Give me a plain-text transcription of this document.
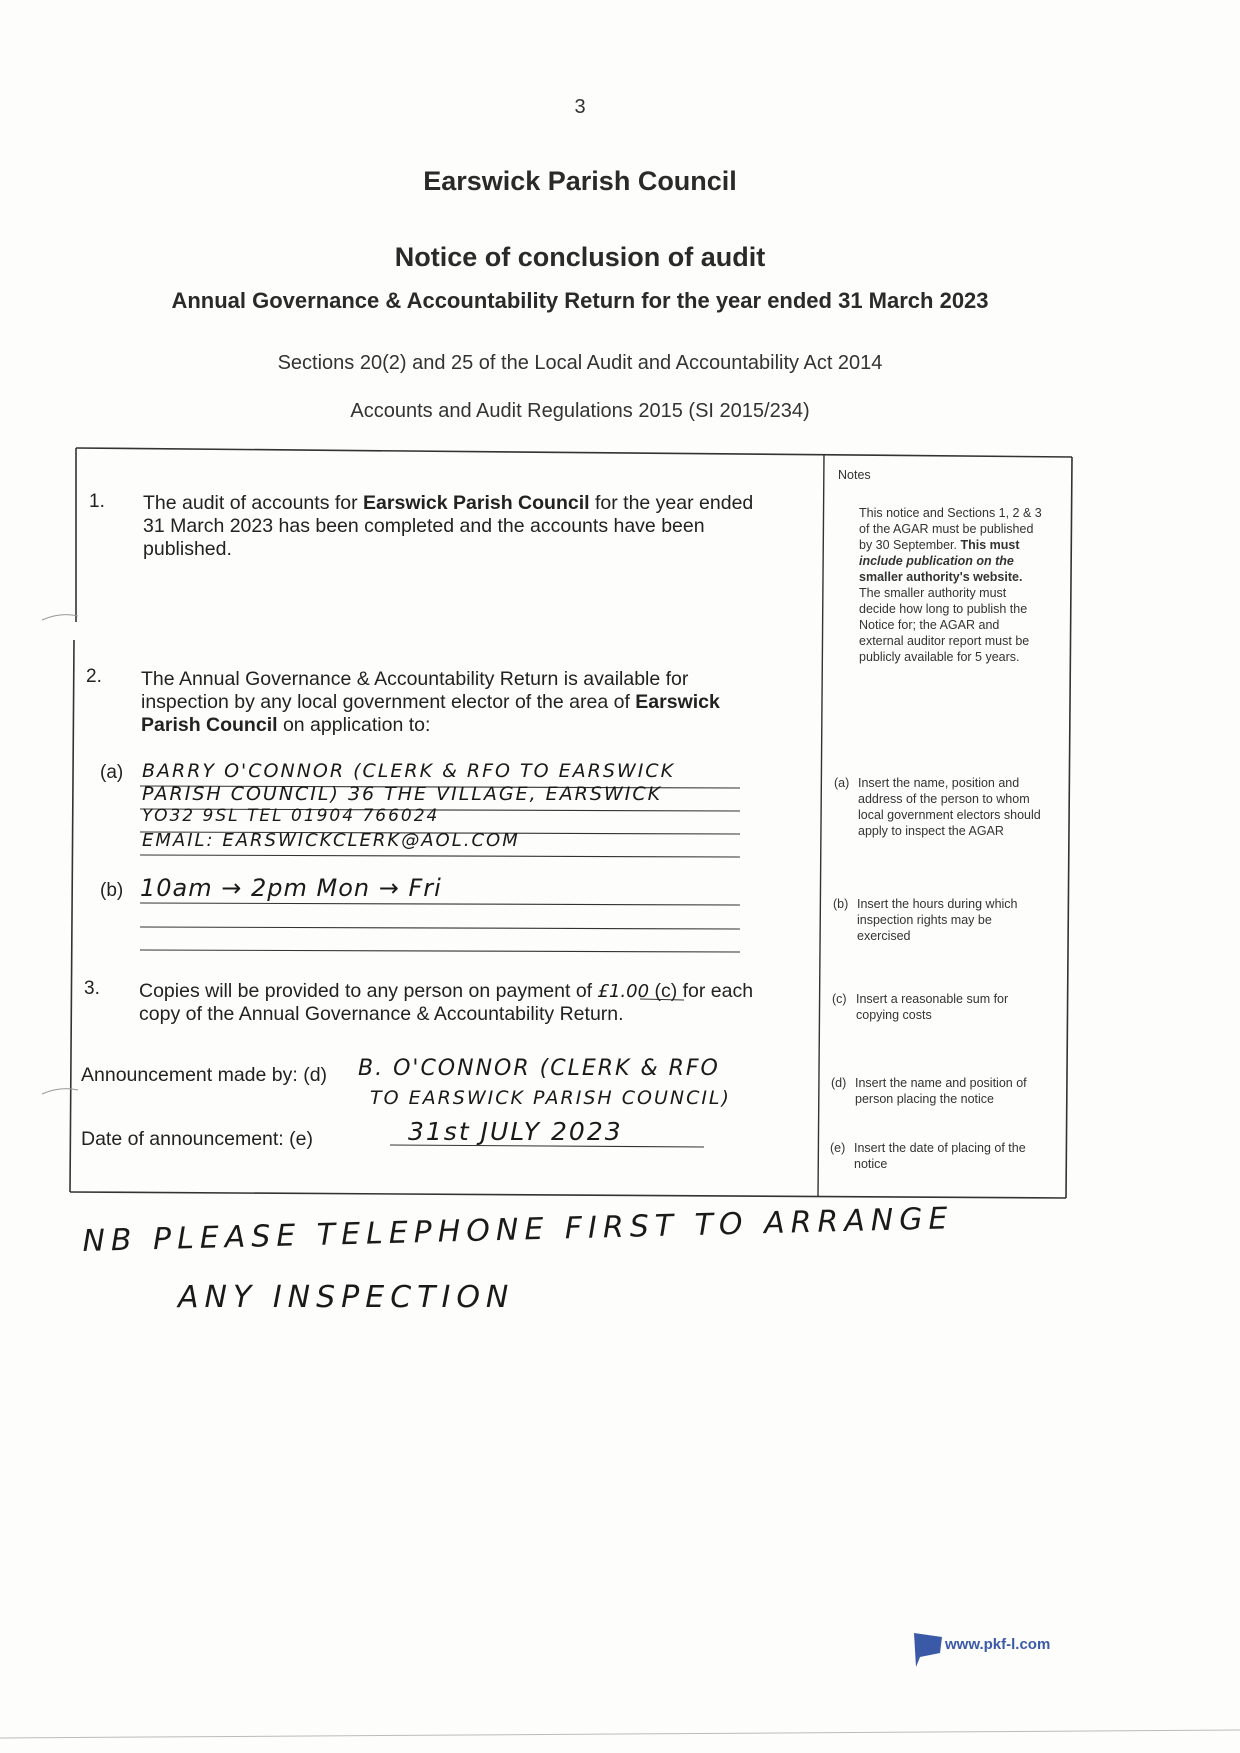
3
Earswick Parish Council
Notice of conclusion of audit
Annual Governance & Accountability Return for the year ended 31 March 2023
Sections 20(2) and 25 of the Local Audit and Accountability Act 2014
Accounts and Audit Regulations 2015 (SI 2015/234)
1. The audit of accounts for Earswick Parish Council for the year ended
31 March 2023 has been completed and the accounts have been
published.
2. The Annual Governance & Accountability Return is available for
inspection by any local government elector of the area of Earswick
Parish Council on application to:
(a) BARRY O'CONNOR (CLERK & RFO TO EARSWICK
PARISH COUNCIL) 36 THE VILLAGE, EARSWICK
YO32 9SL TEL 01904 766024
EMAIL: EARSWICKCLERK@AOL.COM
(b) 10am → 2pm Mon → Fri
3. Copies will be provided to any person on payment of £1.00 (c) for each
copy of the Annual Governance & Accountability Return.
Announcement made by: (d) B. O'CONNOR (CLERK & RFO
TO EARSWICK PARISH COUNCIL)
Date of announcement: (e)	31st JULY 2023
Notes
This notice and Sections 1, 2 & 3
of the AGAR must be published
by 30 September. This must
include publication on the
smaller authority's website.
The smaller authority must
decide how long to publish the
Notice for; the AGAR and
external auditor report must be
publicly available for 5 years.
(a) Insert the name, position and
address of the person to whom
local government electors should
apply to inspect the AGAR
(b) Insert the hours during which
inspection rights may be
exercised
(c) Insert a reasonable sum for
copying costs
(d) Insert the name and position of
person placing the notice
(e) Insert the date of placing of the
notice
NB PLEASE TELEPHONE FIRST TO ARRANGE
ANY INSPECTION
www.pkf-l.com
